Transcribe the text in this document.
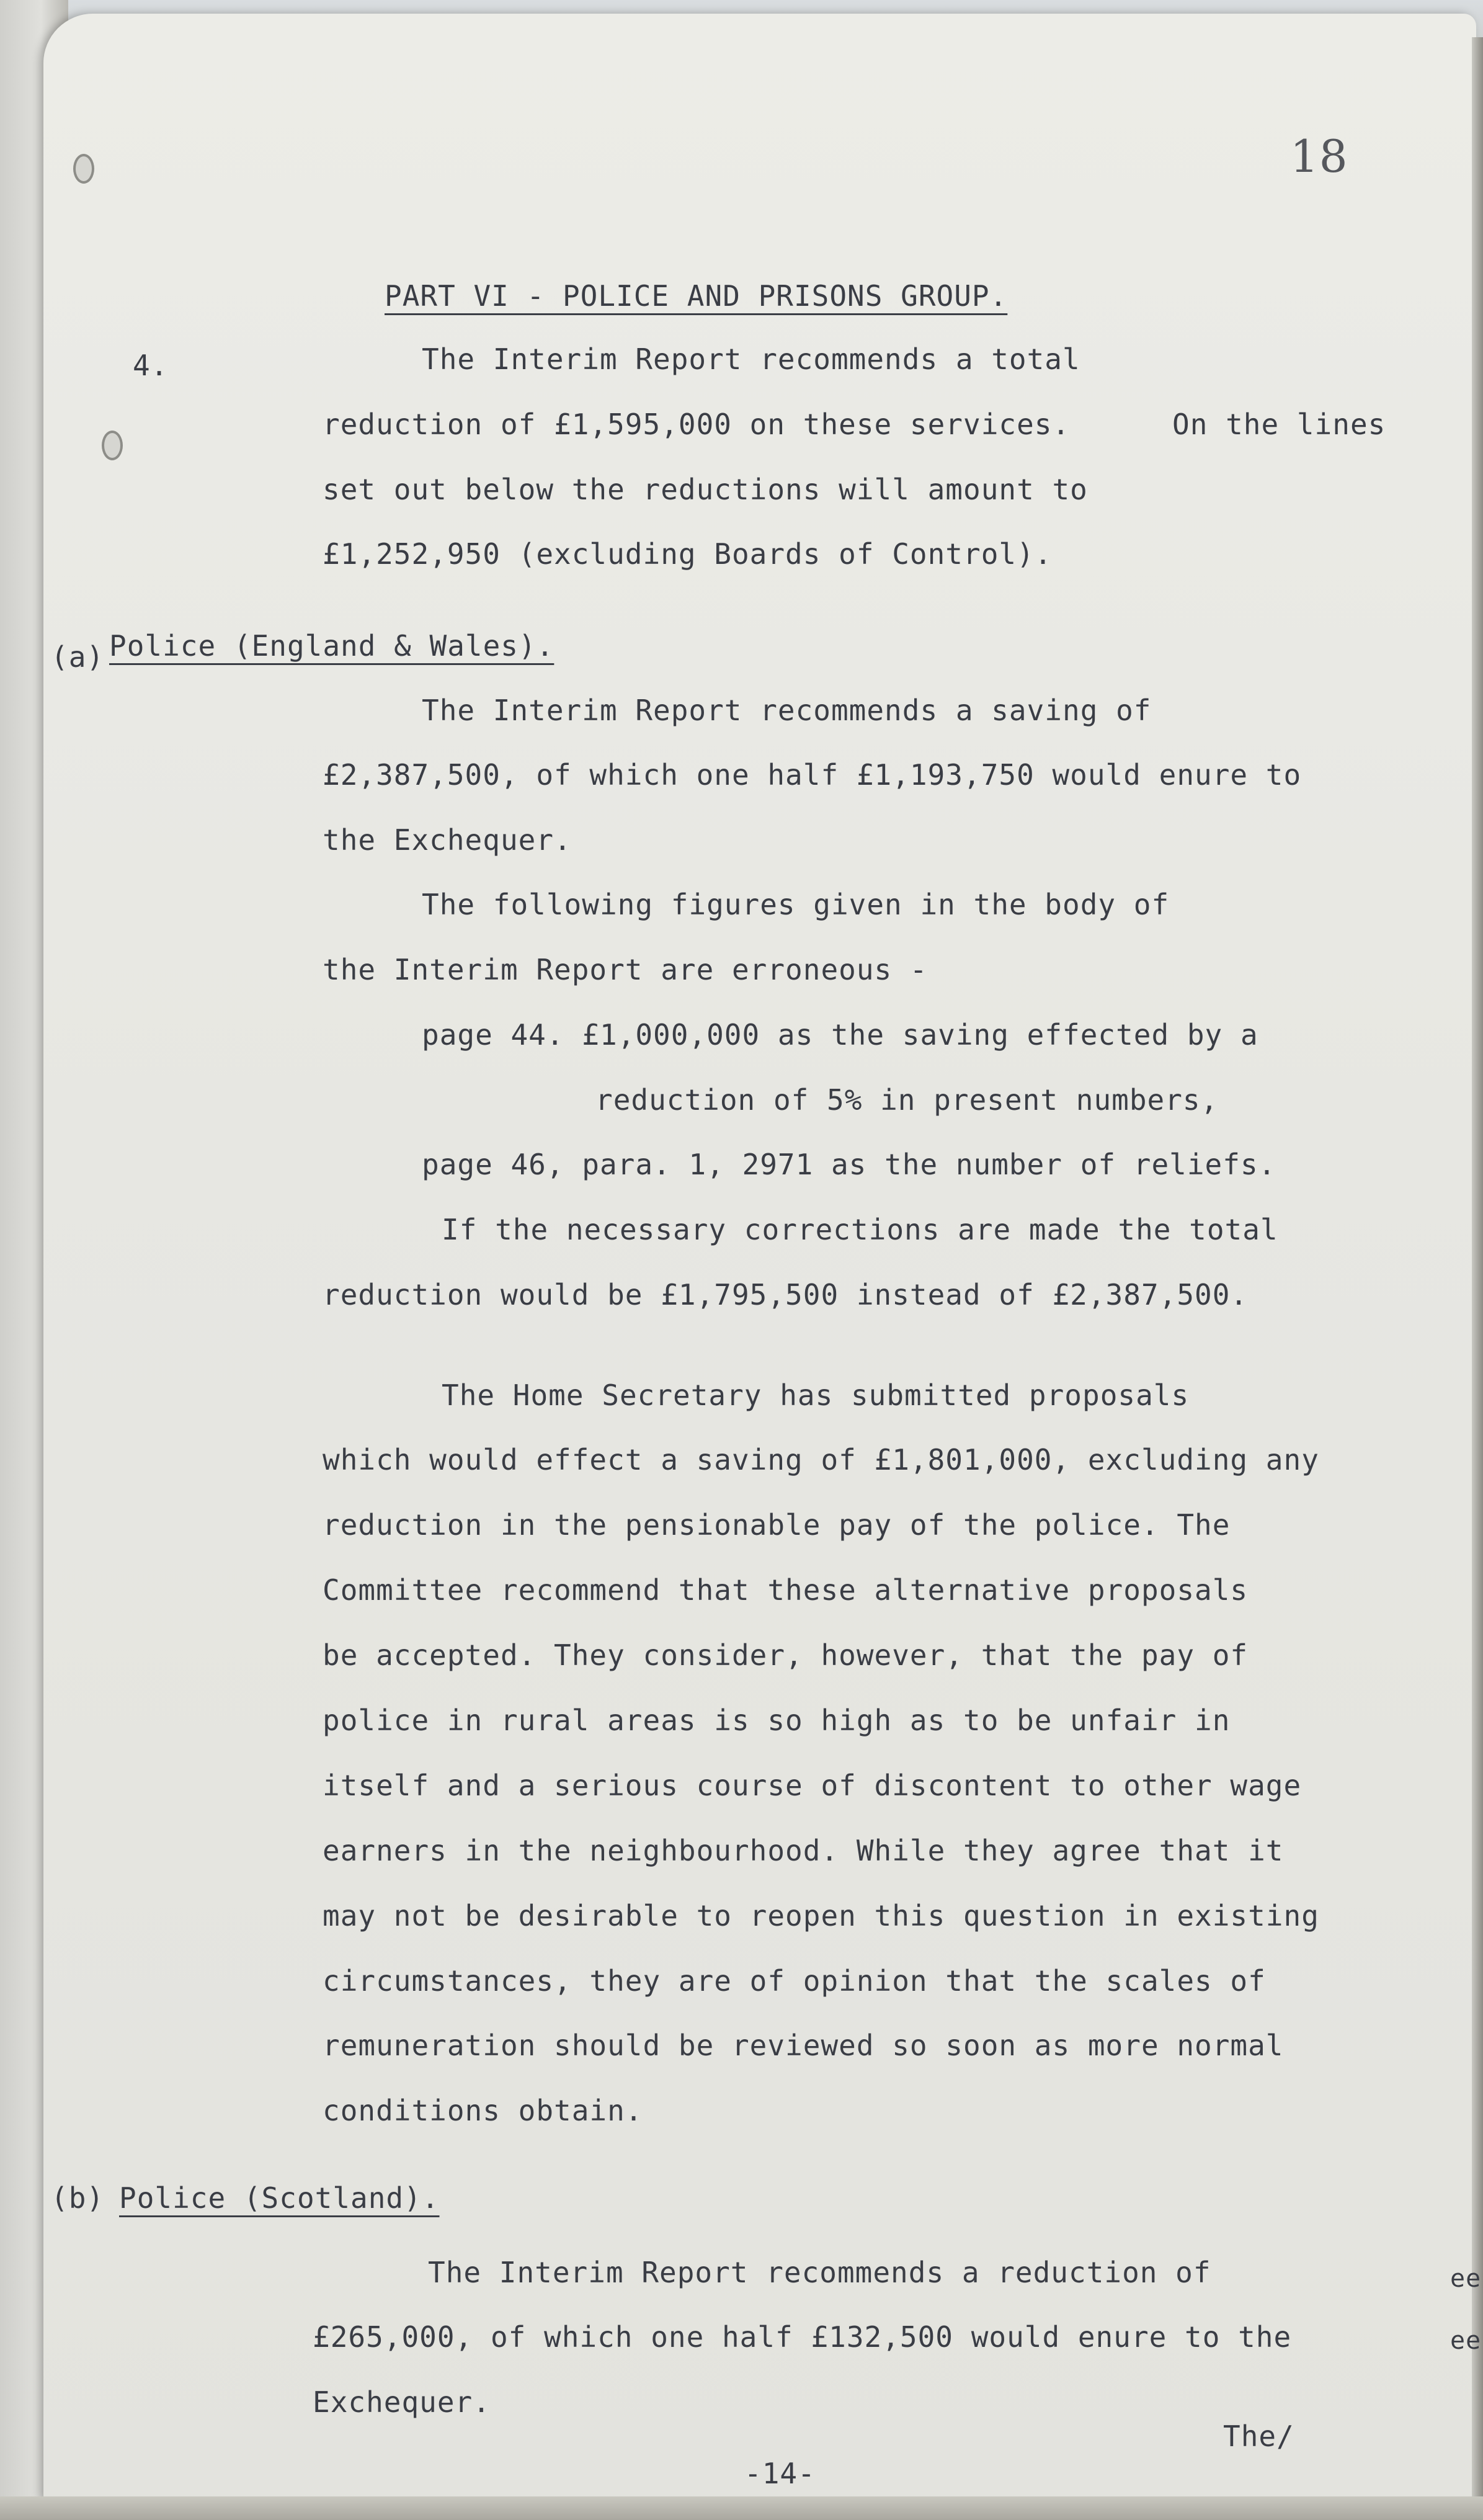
18
PART VI - POLICE AND PRISONS GROUP.
4.	The Interim Report recommends a total
reduction of £1,595,000 on these services.	On the lines
set out below the reductions will amount to
£1,252,950 (excluding Boards of Control).
(a) Police (England & Wales).
The Interim Report recommends a saving of
£2,387,500, of which one half £1,193,750 would enure to
the Exchequer.
The following figures given in the body of
the Interim Report are erroneous -
page 44. £1,000,000 as the saving effected by a
reduction of 5% in present numbers,
page 46, para. 1, 2971 as the number of reliefs.
If the necessary corrections are made the total
reduction would be £1,795,500 instead of £2,387,500.
The Home Secretary has submitted proposals
which would effect a saving of £1,801,000, excluding any
reduction in the pensionable pay of the police. The
Committee recommend that these alternative proposals
be accepted. They consider, however, that the pay of
police in rural areas is so high as to be unfair in
itself and a serious course of discontent to other wage
earners in the neighbourhood. While they agree that it
may not be desirable to reopen this question in existing
circumstances, they are of opinion that the scales of
remuneration should be reviewed so soon as more normal
conditions obtain.
(b) Police (Scotland).
The Interim Report recommends a reduction of
£265,000, of which one half £132,500 would enure to the
Exchequer.
The/
-14-
ee
ee
